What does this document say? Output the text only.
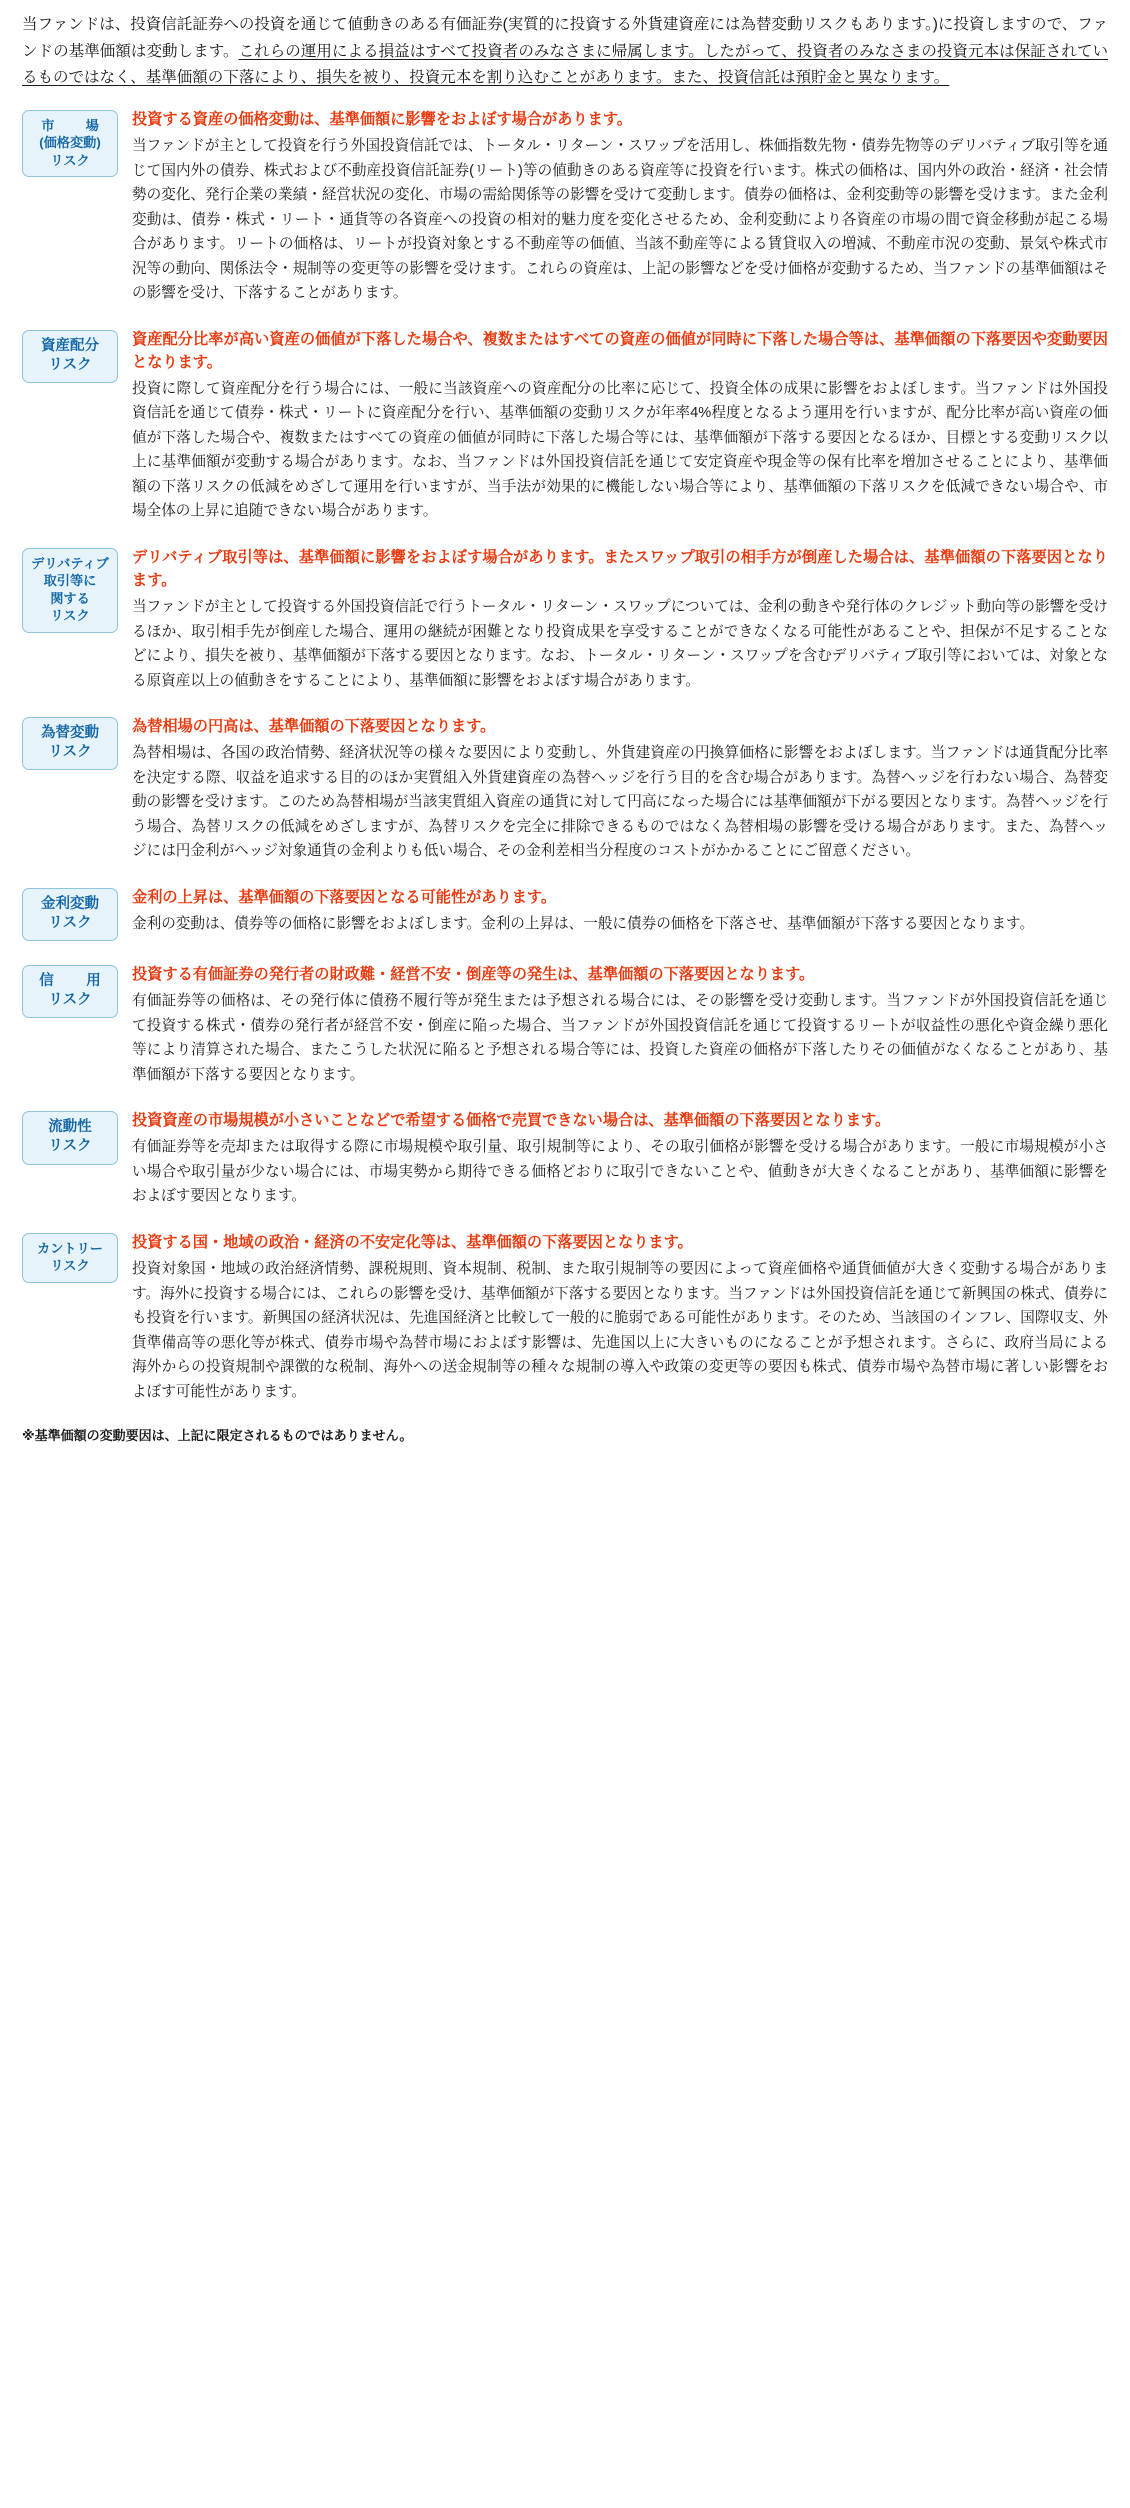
当ファンドは、投資信託証券への投資を通じて値動きのある有価証券(実質的に投資する外貨建資産には為替変動リスクもあります。)に投資しますので、ファンドの基準価額は変動します。これらの運用による損益はすべて投資者のみなさまに帰属します。したがって、投資者のみなさまの投資元本は保証されているものではなく、基準価額の下落により、損失を被り、投資元本を割り込むことがあります。また、投資信託は預貯金と異なります。

市　場
(価格変動)
リスク
投資する資産の価格変動は、基準価額に影響をおよぼす場合があります。
当ファンドが主として投資を行う外国投資信託では、トータル・リターン・スワップを活用し、株価指数先物・債券先物等のデリバティブ取引等を通じて国内外の債券、株式および不動産投資信託証券(リート)等の値動きのある資産等に投資を行います。株式の価格は、国内外の政治・経済・社会情勢の変化、発行企業の業績・経営状況の変化、市場の需給関係等の影響を受けて変動します。債券の価格は、金利変動等の影響を受けます。また金利変動は、債券・株式・リート・通貨等の各資産への投資の相対的魅力度を変化させるため、金利変動により各資産の市場の間で資金移動が起こる場合があります。リートの価格は、リートが投資対象とする不動産等の価値、当該不動産等による賃貸収入の増減、不動産市況の変動、景気や株式市況等の動向、関係法令・規制等の変更等の影響を受けます。これらの資産は、上記の影響などを受け価格が変動するため、当ファンドの基準価額はその影響を受け、下落することがあります。
資産配分
リスク
資産配分比率が高い資産の価値が下落した場合や、複数またはすべての資産の価値が同時に下落した場合等は、基準価額の下落要因や変動要因となります。
投資に際して資産配分を行う場合には、一般に当該資産への資産配分の比率に応じて、投資全体の成果に影響をおよぼします。当ファンドは外国投資信託を通じて債券・株式・リートに資産配分を行い、基準価額の変動リスクが年率4%程度となるよう運用を行いますが、配分比率が高い資産の価値が下落した場合や、複数またはすべての資産の価値が同時に下落した場合等には、基準価額が下落する要因となるほか、目標とする変動リスク以上に基準価額が変動する場合があります。なお、当ファンドは外国投資信託を通じて安定資産や現金等の保有比率を増加させることにより、基準価額の下落リスクの低減をめざして運用を行いますが、当手法が効果的に機能しない場合等により、基準価額の下落リスクを低減できない場合や、市場全体の上昇に追随できない場合があります。
デリバティブ
取引等に
関する
リスク
デリバティブ取引等は、基準価額に影響をおよぼす場合があります。またスワップ取引の相手方が倒産した場合は、基準価額の下落要因となります。
当ファンドが主として投資する外国投資信託で行うトータル・リターン・スワップについては、金利の動きや発行体のクレジット動向等の影響を受けるほか、取引相手先が倒産した場合、運用の継続が困難となり投資成果を享受することができなくなる可能性があることや、担保が不足することなどにより、損失を被り、基準価額が下落する要因となります。なお、トータル・リターン・スワップを含むデリバティブ取引等においては、対象となる原資産以上の値動きをすることにより、基準価額に影響をおよぼす場合があります。
為替変動
リスク
為替相場の円高は、基準価額の下落要因となります。
為替相場は、各国の政治情勢、経済状況等の様々な要因により変動し、外貨建資産の円換算価格に影響をおよぼします。当ファンドは通貨配分比率を決定する際、収益を追求する目的のほか実質組入外貨建資産の為替ヘッジを行う目的を含む場合があります。為替ヘッジを行わない場合、為替変動の影響を受けます。このため為替相場が当該実質組入資産の通貨に対して円高になった場合には基準価額が下がる要因となります。為替ヘッジを行う場合、為替リスクの低減をめざしますが、為替リスクを完全に排除できるものではなく為替相場の影響を受ける場合があります。また、為替ヘッジには円金利がヘッジ対象通貨の金利よりも低い場合、その金利差相当分程度のコストがかかることにご留意ください。
金利変動
リスク
金利の上昇は、基準価額の下落要因となる可能性があります。
金利の変動は、債券等の価格に影響をおよぼします。金利の上昇は、一般に債券の価格を下落させ、基準価額が下落する要因となります。
信　用
リスク
投資する有価証券の発行者の財政難・経営不安・倒産等の発生は、基準価額の下落要因となります。
有価証券等の価格は、その発行体に債務不履行等が発生または予想される場合には、その影響を受け変動します。当ファンドが外国投資信託を通じて投資する株式・債券の発行者が経営不安・倒産に陥った場合、当ファンドが外国投資信託を通じて投資するリートが収益性の悪化や資金繰り悪化等により清算された場合、またこうした状況に陥ると予想される場合等には、投資した資産の価格が下落したりその価値がなくなることがあり、基準価額が下落する要因となります。
流動性
リスク
投資資産の市場規模が小さいことなどで希望する価格で売買できない場合は、基準価額の下落要因となります。
有価証券等を売却または取得する際に市場規模や取引量、取引規制等により、その取引価格が影響を受ける場合があります。一般に市場規模が小さい場合や取引量が少ない場合には、市場実勢から期待できる価格どおりに取引できないことや、値動きが大きくなることがあり、基準価額に影響をおよぼす要因となります。
カントリー
リスク
投資する国・地域の政治・経済の不安定化等は、基準価額の下落要因となります。
投資対象国・地域の政治経済情勢、課税規則、資本規制、税制、また取引規制等の要因によって資産価格や通貨価値が大きく変動する場合があります。海外に投資する場合には、これらの影響を受け、基準価額が下落する要因となります。当ファンドは外国投資信託を通じて新興国の株式、債券にも投資を行います。新興国の経済状況は、先進国経済と比較して一般的に脆弱である可能性があります。そのため、当該国のインフレ、国際収支、外貨準備高等の悪化等が株式、債券市場や為替市場におよぼす影響は、先進国以上に大きいものになることが予想されます。さらに、政府当局による海外からの投資規制や課徴的な税制、海外への送金規制等の種々な規制の導入や政策の変更等の要因も株式、債券市場や為替市場に著しい影響をおよぼす可能性があります。
※基準価額の変動要因は、上記に限定されるものではありません。
